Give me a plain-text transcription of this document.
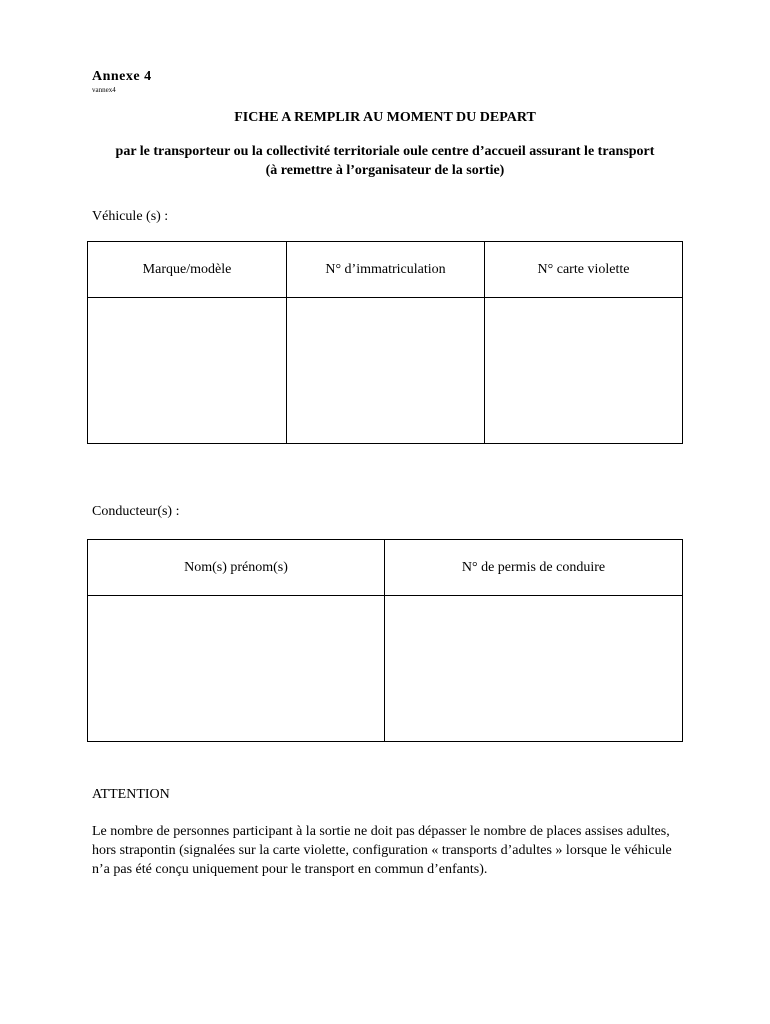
Annexe 4
vannex4
FICHE A REMPLIR AU MOMENT DU DEPART
par le transporteur ou la collectivité territoriale oule centre d’accueil assurant le transport
(à remettre à l’organisateur de la sortie)
Véhicule (s) :
Marque/modèle	N° d’immatriculation	N° carte violette

Conducteur(s) :
Nom(s) prénom(s)	N° de permis de conduire

ATTENTION

Le nombre de personnes participant à la sortie ne doit pas dépasser le nombre de places assises adultes, hors strapontin (signalées sur la carte violette, configuration « transports d’adultes » lorsque le véhicule n’a pas été conçu uniquement pour le transport en commun d’enfants).
